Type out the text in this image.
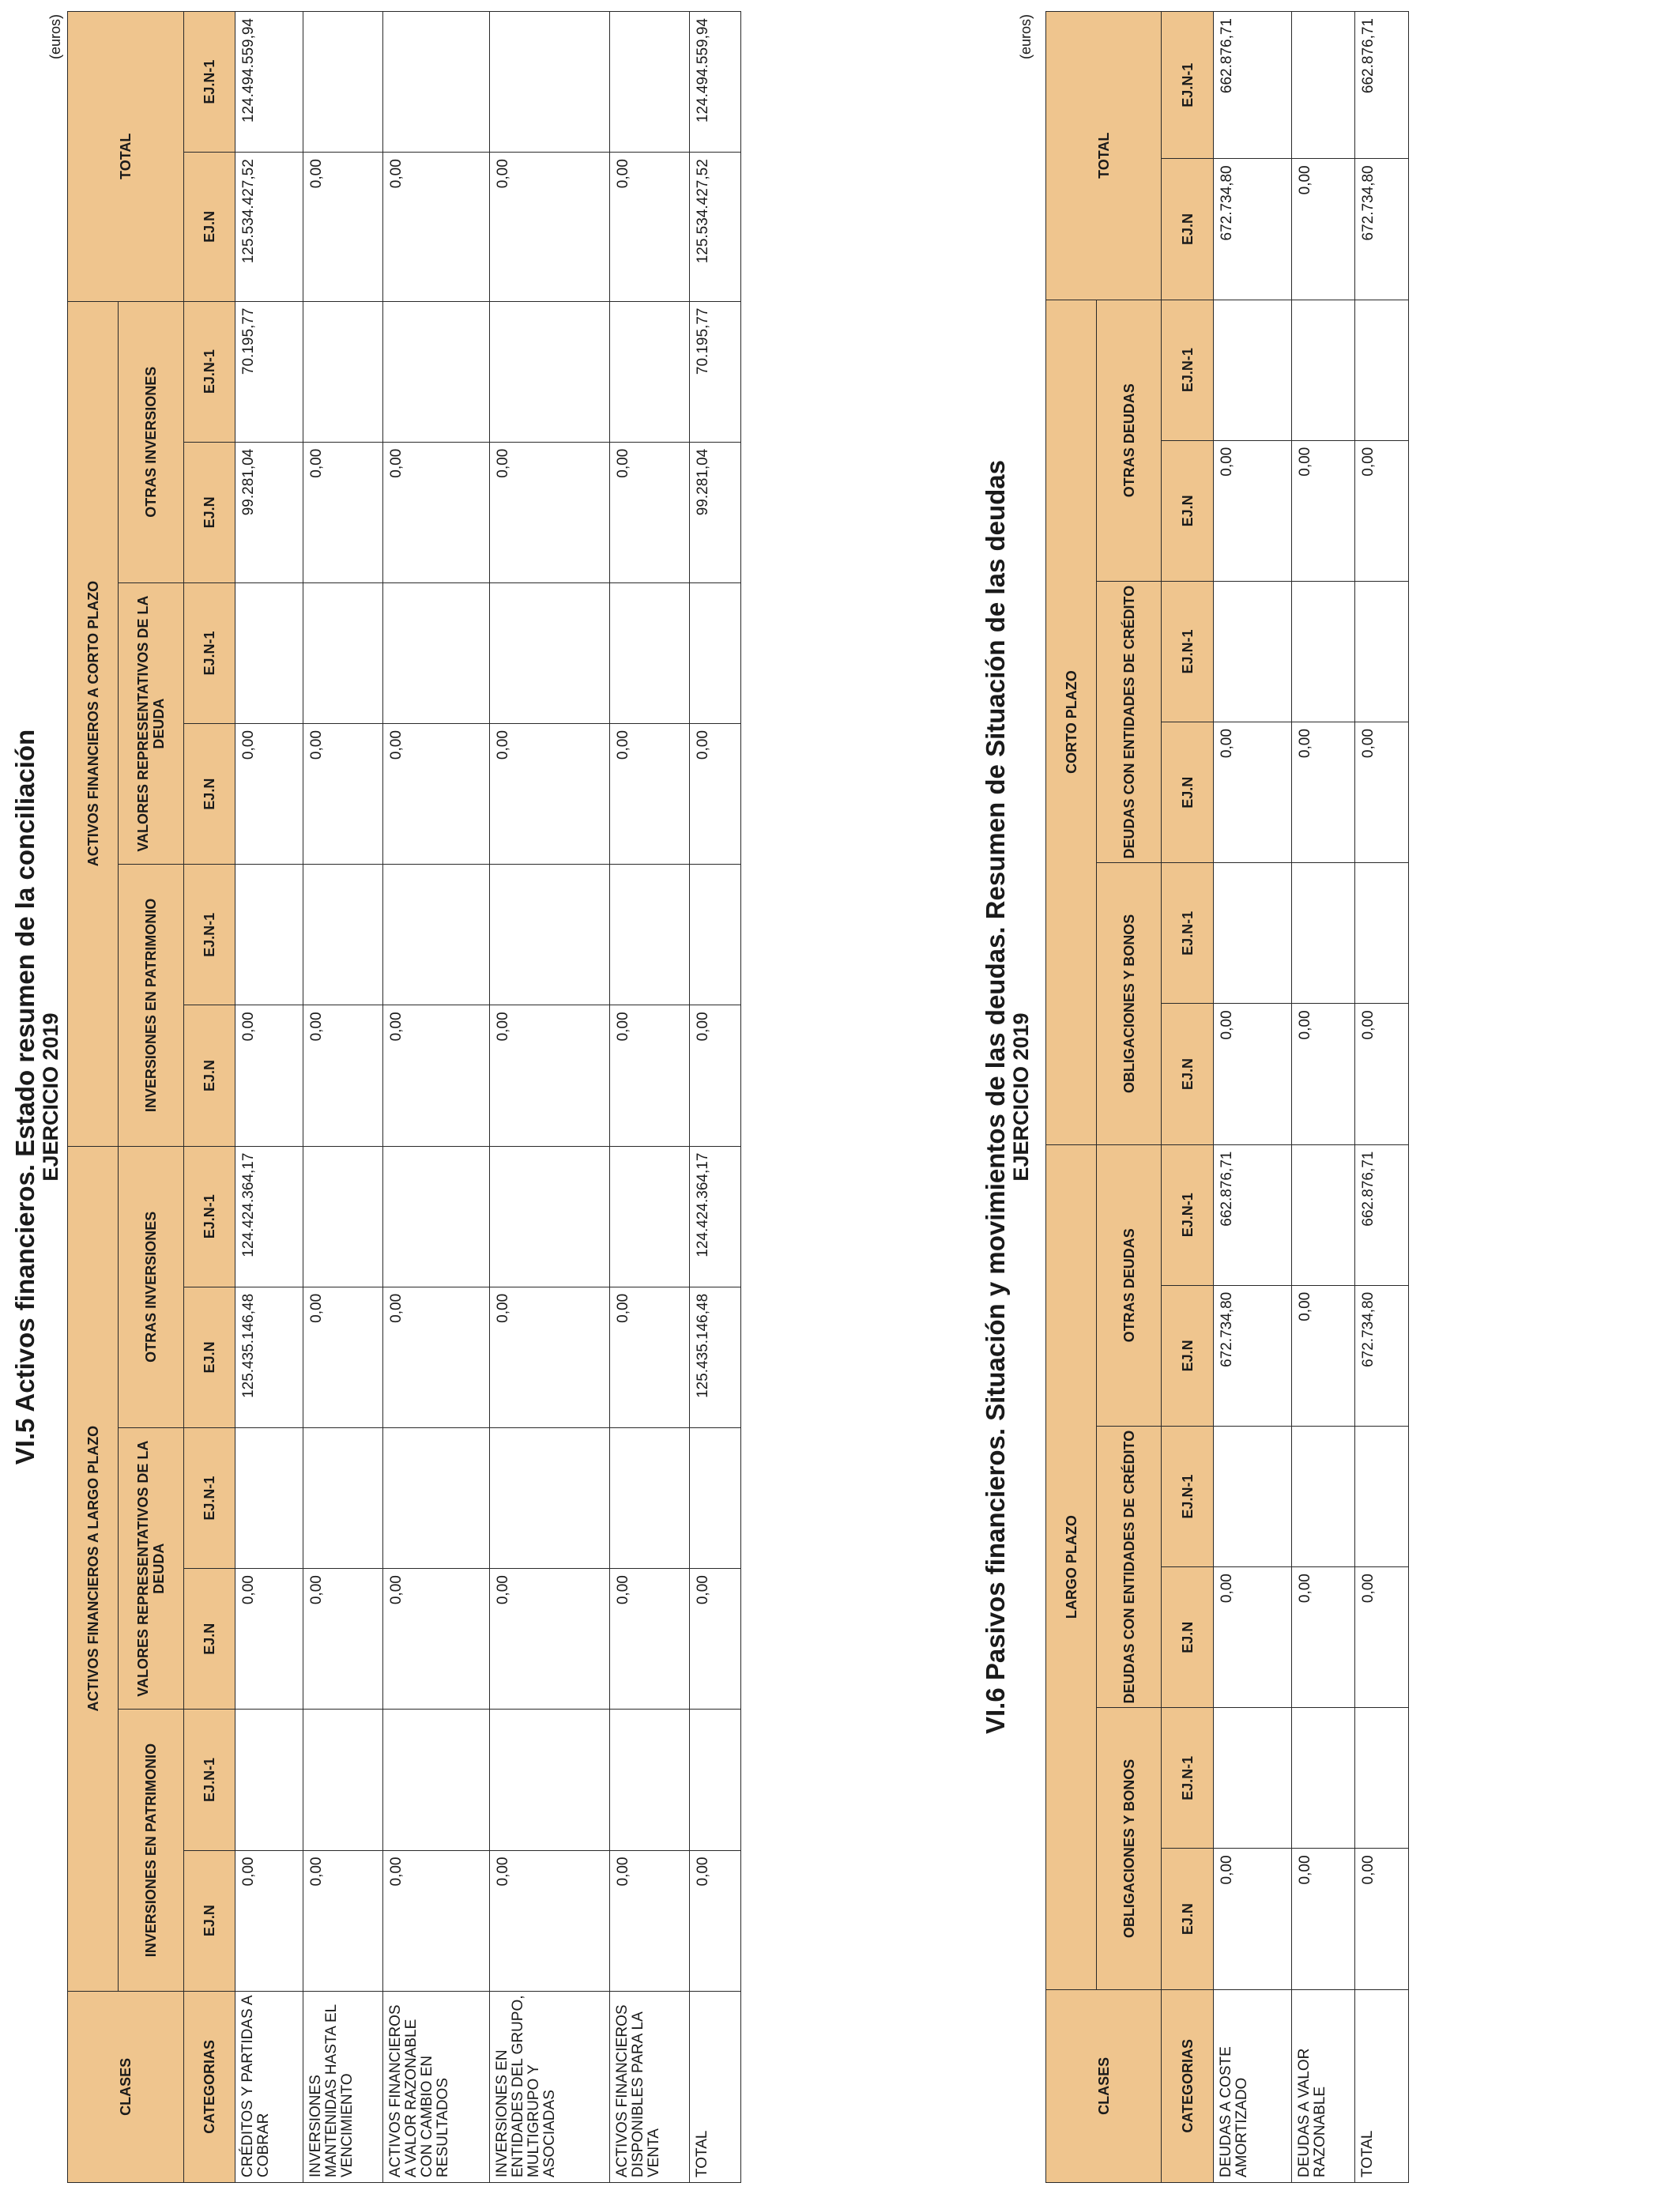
VI.5 Activos financieros. Estado resumen de la conciliación EJERCICIO 2019
(euros)
CLASES	ACTIVOS FINANCIEROS A LARGO PLAZO						ACTIVOS FINANCIEROS A CORTO PLAZO						TOTAL	
	INVERSIONES EN PATRIMONIO		VALORES REPRESENTATIVOS DE LA DEUDA		OTRAS INVERSIONES		INVERSIONES EN PATRIMONIO		VALORES REPRESENTATIVOS DE LA DEUDA		OTRAS INVERSIONES			
CATEGORIAS	EJ.N	EJ.N-1	EJ.N	EJ.N-1	EJ.N	EJ.N-1	EJ.N	EJ.N-1	EJ.N	EJ.N-1	EJ.N	EJ.N-1	EJ.N	EJ.N-1
CRÉDITOS Y PARTIDAS A COBRAR	0,00		0,00		125.435.146,48	124.424.364,17	0,00		0,00		99.281,04	70.195,77	125.534.427,52	124.494.559,94
INVERSIONES MANTENIDAS HASTA EL VENCIMIENTO	0,00		0,00		0,00		0,00		0,00		0,00		0,00	
ACTIVOS FINANCIEROS A VALOR RAZONABLE CON CAMBIO EN RESULTADOS	0,00		0,00		0,00		0,00		0,00		0,00		0,00	
INVERSIONES EN ENTIDADES DEL GRUPO, MULTIGRUPO Y ASOCIADAS	0,00		0,00		0,00		0,00		0,00		0,00		0,00	
ACTIVOS FINANCIEROS DISPONIBLES PARA LA VENTA	0,00		0,00		0,00		0,00		0,00		0,00		0,00	
TOTAL	0,00		0,00		125.435.146,48	124.424.364,17	0,00		0,00		99.281,04	70.195,77	125.534.427,52	124.494.559,94
VI.6 Pasivos financieros. Situación y movimientos de las deudas. Resumen de Situación de las deudas EJERCICIO 2019
(euros)
CLASES	LARGO PLAZO						CORTO PLAZO						TOTAL	
	OBLIGACIONES Y BONOS		DEUDAS CON ENTIDADES DE CRÉDITO		OTRAS DEUDAS		OBLIGACIONES Y BONOS		DEUDAS CON ENTIDADES DE CRÉDITO		OTRAS DEUDAS			
CATEGORIAS	EJ.N	EJ.N-1	EJ.N	EJ.N-1	EJ.N	EJ.N-1	EJ.N	EJ.N-1	EJ.N	EJ.N-1	EJ.N	EJ.N-1	EJ.N	EJ.N-1
DEUDAS A COSTE AMORTIZADO	0,00		0,00		672.734,80	662.876,71	0,00		0,00		0,00		672.734,80	662.876,71
DEUDAS A VALOR RAZONABLE	0,00		0,00		0,00		0,00		0,00		0,00		0,00	
TOTAL	0,00		0,00		672.734,80	662.876,71	0,00		0,00		0,00		672.734,80	662.876,71
